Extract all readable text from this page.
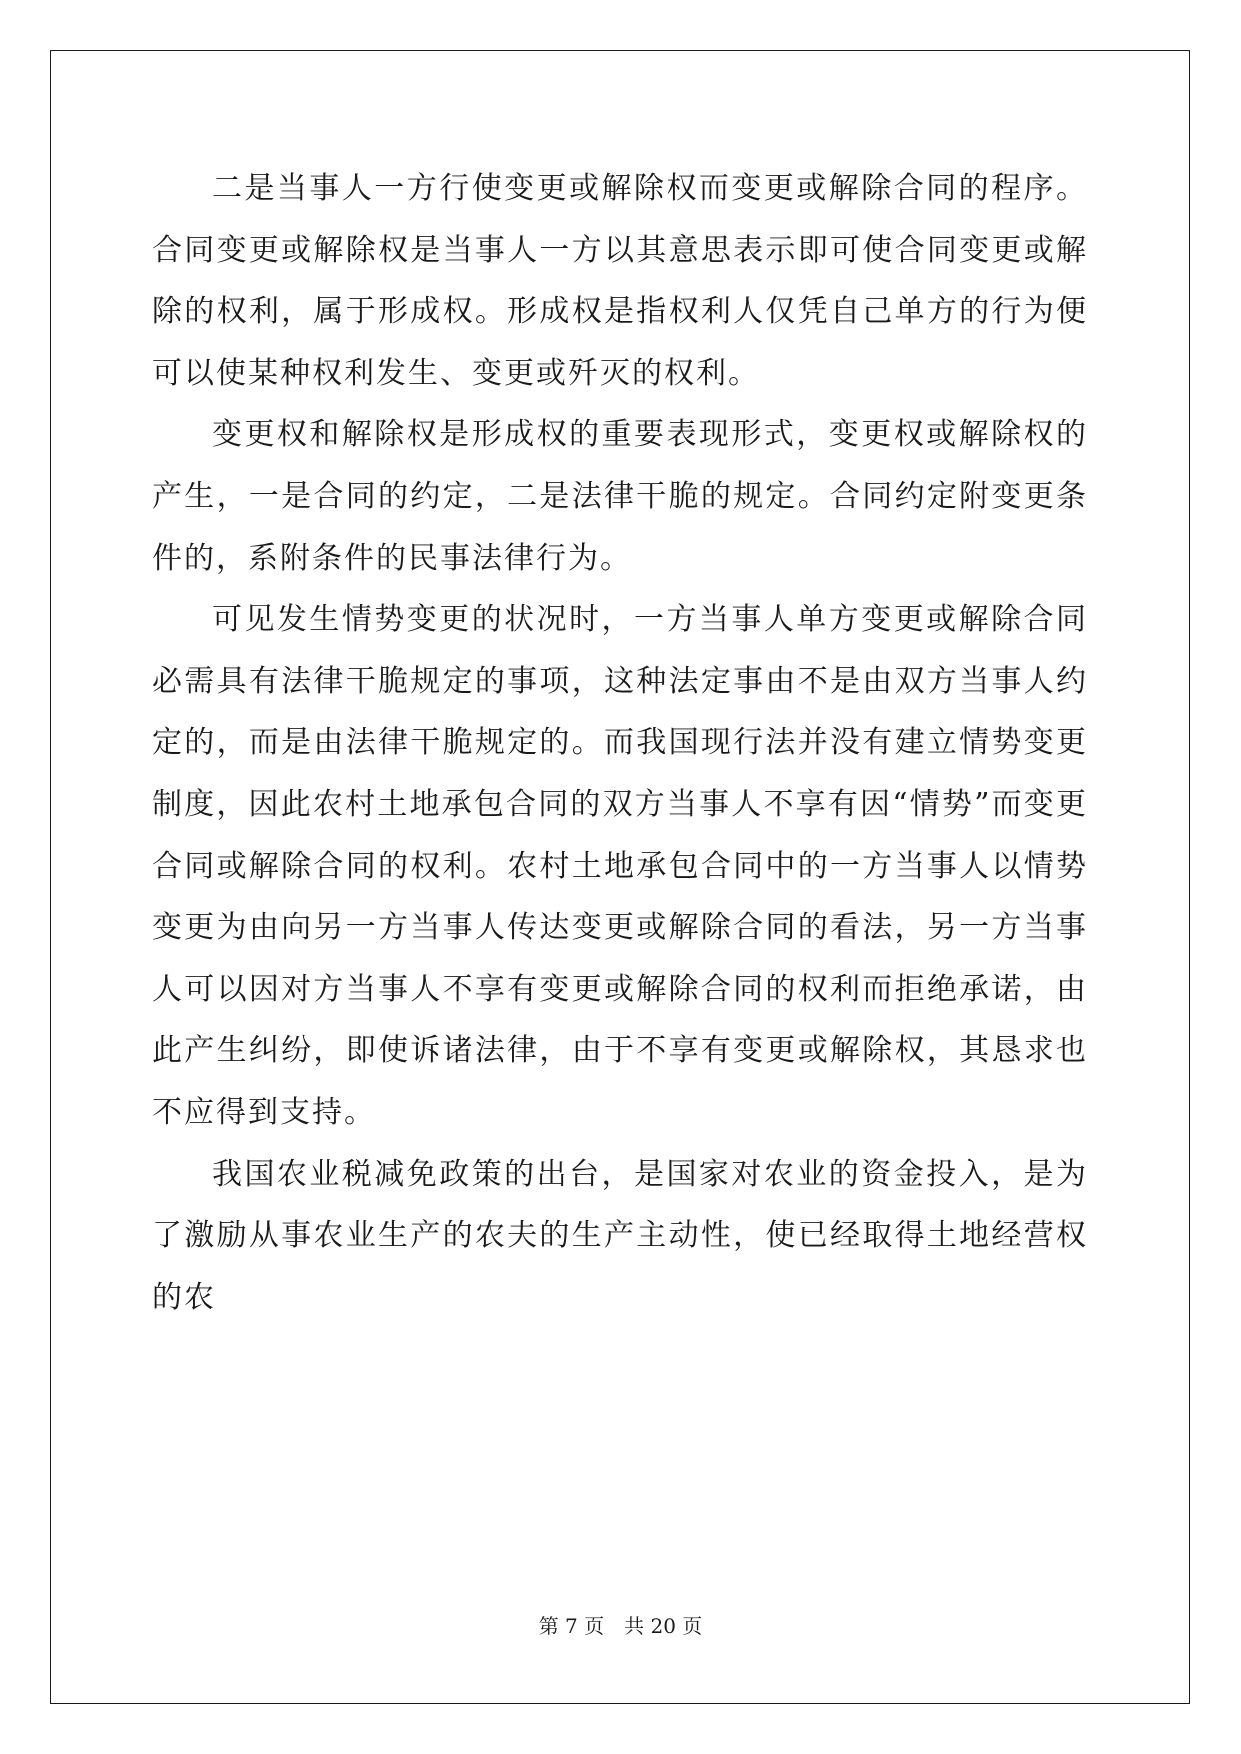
二是当事人一方行使变更或解除权而变更或解除合同的程序。合同变更或解除权是当事人一方以其意思表示即可使合同变更或解除的权利，属于形成权。形成权是指权利人仅凭自己单方的行为便可以使某种权利发生、变更或歼灭的权利。

变更权和解除权是形成权的重要表现形式，变更权或解除权的产生，一是合同的约定，二是法律干脆的规定。合同约定附变更条件的，系附条件的民事法律行为。

可见发生情势变更的状况时，一方当事人单方变更或解除合同必需具有法律干脆规定的事项，这种法定事由不是由双方当事人约定的，而是由法律干脆规定的。而我国现行法并没有建立情势变更制度，因此农村土地承包合同的双方当事人不享有因“情势”而变更合同或解除合同的权利。农村土地承包合同中的一方当事人以情势变更为由向另一方当事人传达变更或解除合同的看法，另一方当事人可以因对方当事人不享有变更或解除合同的权利而拒绝承诺，由此产生纠纷，即使诉诸法律，由于不享有变更或解除权，其恳求也不应得到支持。

我国农业税减免政策的出台，是国家对农业的资金投入，是为了激励从事农业生产的农夫的生产主动性，使已经取得土地经营权的农

第 7 页　共 20 页
